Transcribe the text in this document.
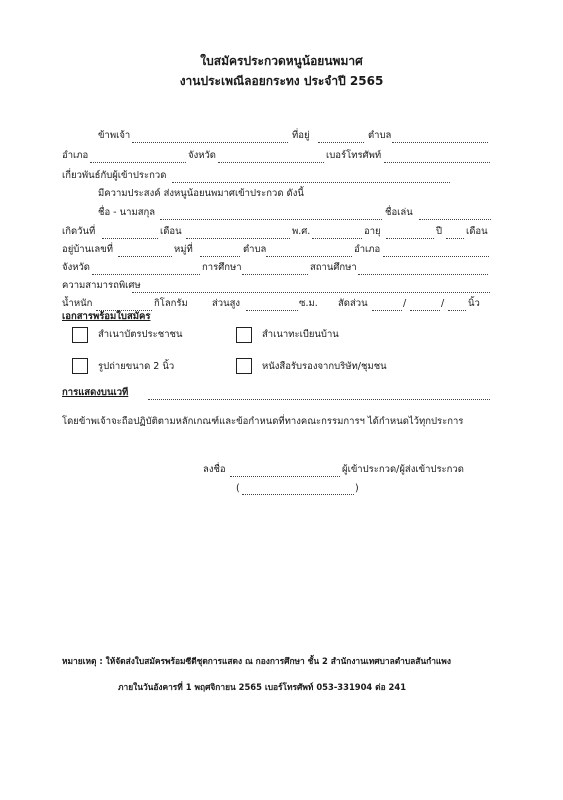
ใบสมัครประกวดหนูน้อยนพมาศ
งานประเพณีลอยกระทง ประจำปี 2565
ข้าพเจ้า	ที่อยู่	ตำบล
อำเภอ	จังหวัด	เบอร์โทรศัพท์
เกี่ยวพันธ์กับผู้เข้าประกวด
มีความประสงค์ ส่งหนูน้อยนพมาศเข้าประกวด ดังนี้
ชื่อ - นามสกุล	ชื่อเล่น
เกิดวันที่	เดือน	พ.ศ.	อายุ	ปี	เดือน
อยู่บ้านเลขที่	หมู่ที่	ตำบล	อำเภอ
จังหวัด	การศึกษา	สถานศึกษา
ความสามารถพิเศษ
น้ำหนัก	กิโลกรัม	ส่วนสูง	ซ.ม. สัดส่วน	/	/	นิ้ว
เอกสารพร้อมใบสมัคร
สำเนาบัตรประชาชน	สำเนาทะเบียนบ้าน
รูปถ่ายขนาด 2 นิ้ว	หนังสือรับรองจากบริษัท/ชุมชน
การแสดงบนเวที
โดยข้าพเจ้าจะถือปฏิบัติตามหลักเกณฑ์และข้อกำหนดที่ทางคณะกรรมการฯ ได้กำหนดไว้ทุกประการ
ลงชื่อ	ผู้เข้าประกวด/ผู้ส่งเข้าประกวด
(	)
หมายเหตุ : ให้จัดส่งใบสมัครพร้อมซีดีชุดการแสดง ณ กองการศึกษา ชั้น 2 สำนักงานเทศบาลตำบลสันกำแพง
ภายในวันอังคารที่ 1 พฤศจิกายน 2565 เบอร์โทรศัพท์ 053-331904 ต่อ 241
